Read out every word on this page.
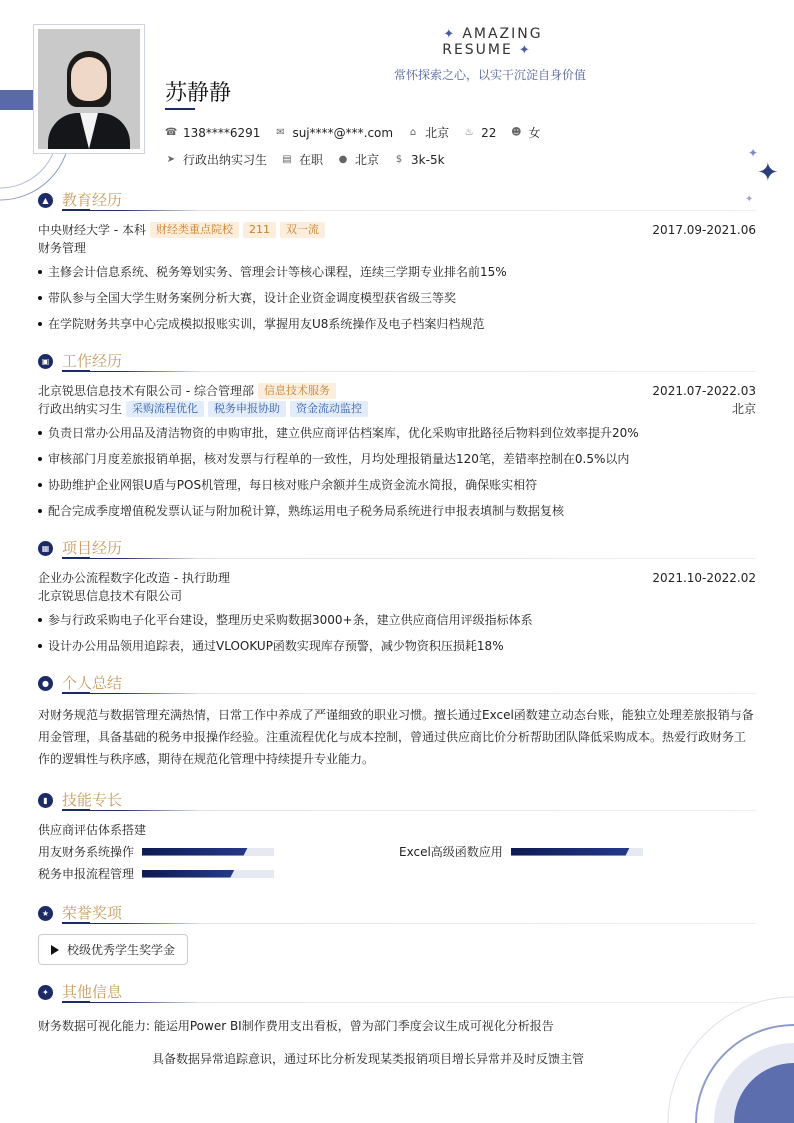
✦
✦
✦
✦ AMAZING RESUME ✦
常怀探索之心，以实干沉淀自身价值
苏静静
☎ 138****6291 ✉ suj****@***.com ⌂ 北京 ♨ 22 ☻ 女
➤ 行政出纳实习生 ▤ 在职 ● 北京 $ 3k-5k
▲ 教育经历
中央财经大学 - 本科 财经类重点院校	211	双一流	2017.09-2021.06
财务管理
主修会计信息系统、税务筹划实务、管理会计等核心课程，连续三学期专业排名前15%
带队参与全国大学生财务案例分析大赛，设计企业资金调度模型获省级三等奖
在学院财务共享中心完成模拟报账实训，掌握用友U8系统操作及电子档案归档规范
▣ 工作经历
北京锐思信息技术有限公司 - 综合管理部 信息技术服务	2021.07-2022.03
行政出纳实习生 采购流程优化	税务申报协助	资金流动监控	北京
负责日常办公用品及清洁物资的申购审批，建立供应商评估档案库，优化采购审批路径后物料到位效率提升20%
审核部门月度差旅报销单据，核对发票与行程单的一致性，月均处理报销量达120笔，差错率控制在0.5%以内
协助维护企业网银U盾与POS机管理，每日核对账户余额并生成资金流水简报，确保账实相符
配合完成季度增值税发票认证与附加税计算，熟练运用电子税务局系统进行申报表填制与数据复核
▦ 项目经历
企业办公流程数字化改造 - 执行助理	2021.10-2022.02
北京锐思信息技术有限公司
参与行政采购电子化平台建设，整理历史采购数据3000+条，建立供应商信用评级指标体系
设计办公用品领用追踪表，通过VLOOKUP函数实现库存预警，减少物资积压损耗18%
● 个人总结
对财务规范与数据管理充满热情，日常工作中养成了严谨细致的职业习惯。擅长通过Excel函数建立动态台账，能独立处理差旅报销与备用金管理，具备基础的税务申报操作经验。注重流程优化与成本控制，曾通过供应商比价分析帮助团队降低采购成本。热爱行政财务工作的逻辑性与秩序感，期待在规范化管理中持续提升专业能力。
▮ 技能专长
供应商评估体系搭建
用友财务系统操作	Excel高级函数应用
税务申报流程管理
★ 荣誉奖项
校级优秀学生奖学金
✦ 其他信息
财务数据可视化能力: 能运用Power BI制作费用支出看板，曾为部门季度会议生成可视化分析报告
具备数据异常追踪意识，通过环比分析发现某类报销项目增长异常并及时反馈主管
